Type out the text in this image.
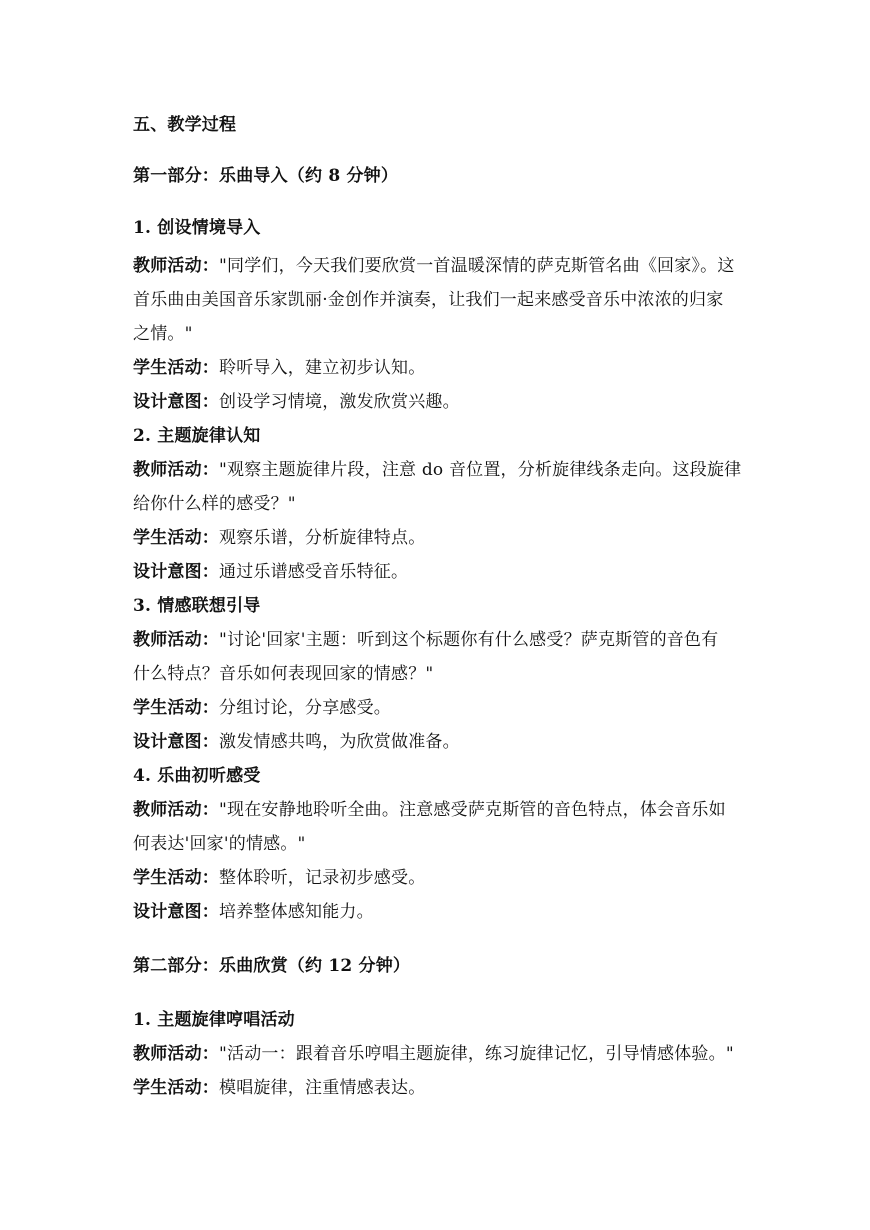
五、教学过程
第一部分：乐曲导入（约 8 分钟）
1. 创设情境导入
教师活动："同学们，今天我们要欣赏一首温暖深情的萨克斯管名曲《回家》。这
首乐曲由美国音乐家凯丽·金创作并演奏，让我们一起来感受音乐中浓浓的归家
之情。"
学生活动：聆听导入，建立初步认知。
设计意图：创设学习情境，激发欣赏兴趣。
2. 主题旋律认知
教师活动："观察主题旋律片段，注意 do 音位置，分析旋律线条走向。这段旋律
给你什么样的感受？"
学生活动：观察乐谱，分析旋律特点。
设计意图：通过乐谱感受音乐特征。
3. 情感联想引导
教师活动："讨论'回家'主题：听到这个标题你有什么感受？萨克斯管的音色有
什么特点？音乐如何表现回家的情感？"
学生活动：分组讨论，分享感受。
设计意图：激发情感共鸣，为欣赏做准备。
4. 乐曲初听感受
教师活动："现在安静地聆听全曲。注意感受萨克斯管的音色特点，体会音乐如
何表达'回家'的情感。"
学生活动：整体聆听，记录初步感受。
设计意图：培养整体感知能力。
第二部分：乐曲欣赏（约 12 分钟）
1. 主题旋律哼唱活动
教师活动："活动一：跟着音乐哼唱主题旋律，练习旋律记忆，引导情感体验。"
学生活动：模唱旋律，注重情感表达。
